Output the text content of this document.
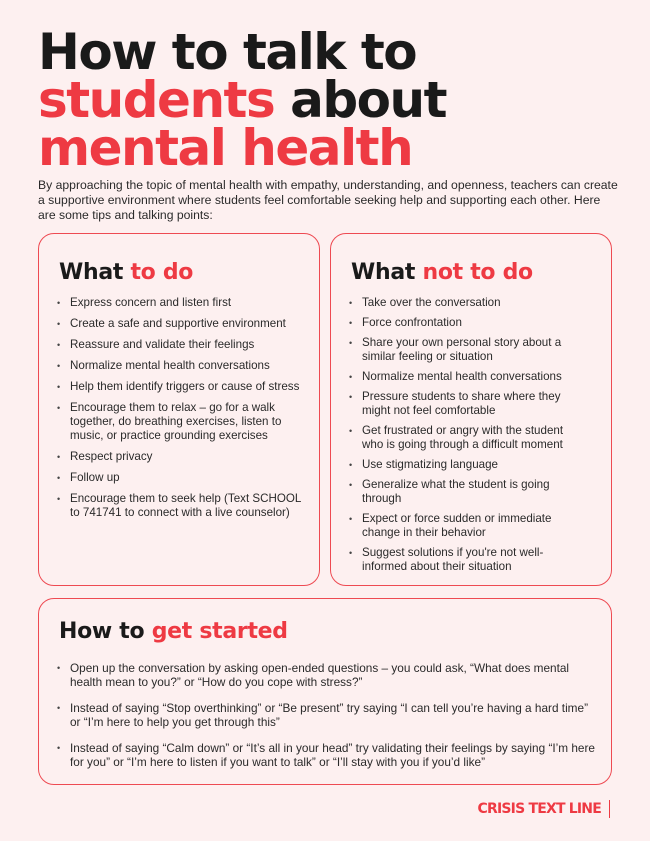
How to talk to
students about
mental health

By approaching the topic of mental health with empathy, understanding, and openness, teachers can create a supportive environment where students feel comfortable seeking help and supporting each other. Here are some tips and talking points:

What to do
• Express concern and listen first
• Create a safe and supportive environment
• Reassure and validate their feelings
• Normalize mental health conversations
• Help them identify triggers or cause of stress
• Encourage them to relax – go for a walk together, do breathing exercises, listen to music, or practice grounding exercises
• Respect privacy
• Follow up
• Encourage them to seek help (Text SCHOOL to 741741 to connect with a live counselor)
What not to do
• Take over the conversation
• Force confrontation
• Share your own personal story about a similar feeling or situation
• Normalize mental health conversations
• Pressure students to share where they might not feel comfortable
• Get frustrated or angry with the student who is going through a difficult moment
• Use stigmatizing language
• Generalize what the student is going through
• Expect or force sudden or immediate change in their behavior
• Suggest solutions if you're not well-informed about their situation
How to get started
• Open up the conversation by asking open-ended questions – you could ask, “What does mental health mean to you?” or “How do you cope with stress?”
• Instead of saying “Stop overthinking” or “Be present” try saying “I can tell you’re having a hard time” or “I’m here to help you get through this”
• Instead of saying “Calm down” or “It’s all in your head” try validating their feelings by saying “I’m here for you” or “I’m here to listen if you want to talk” or “I’ll stay with you if you’d like”
CRISIS TEXT LINE
